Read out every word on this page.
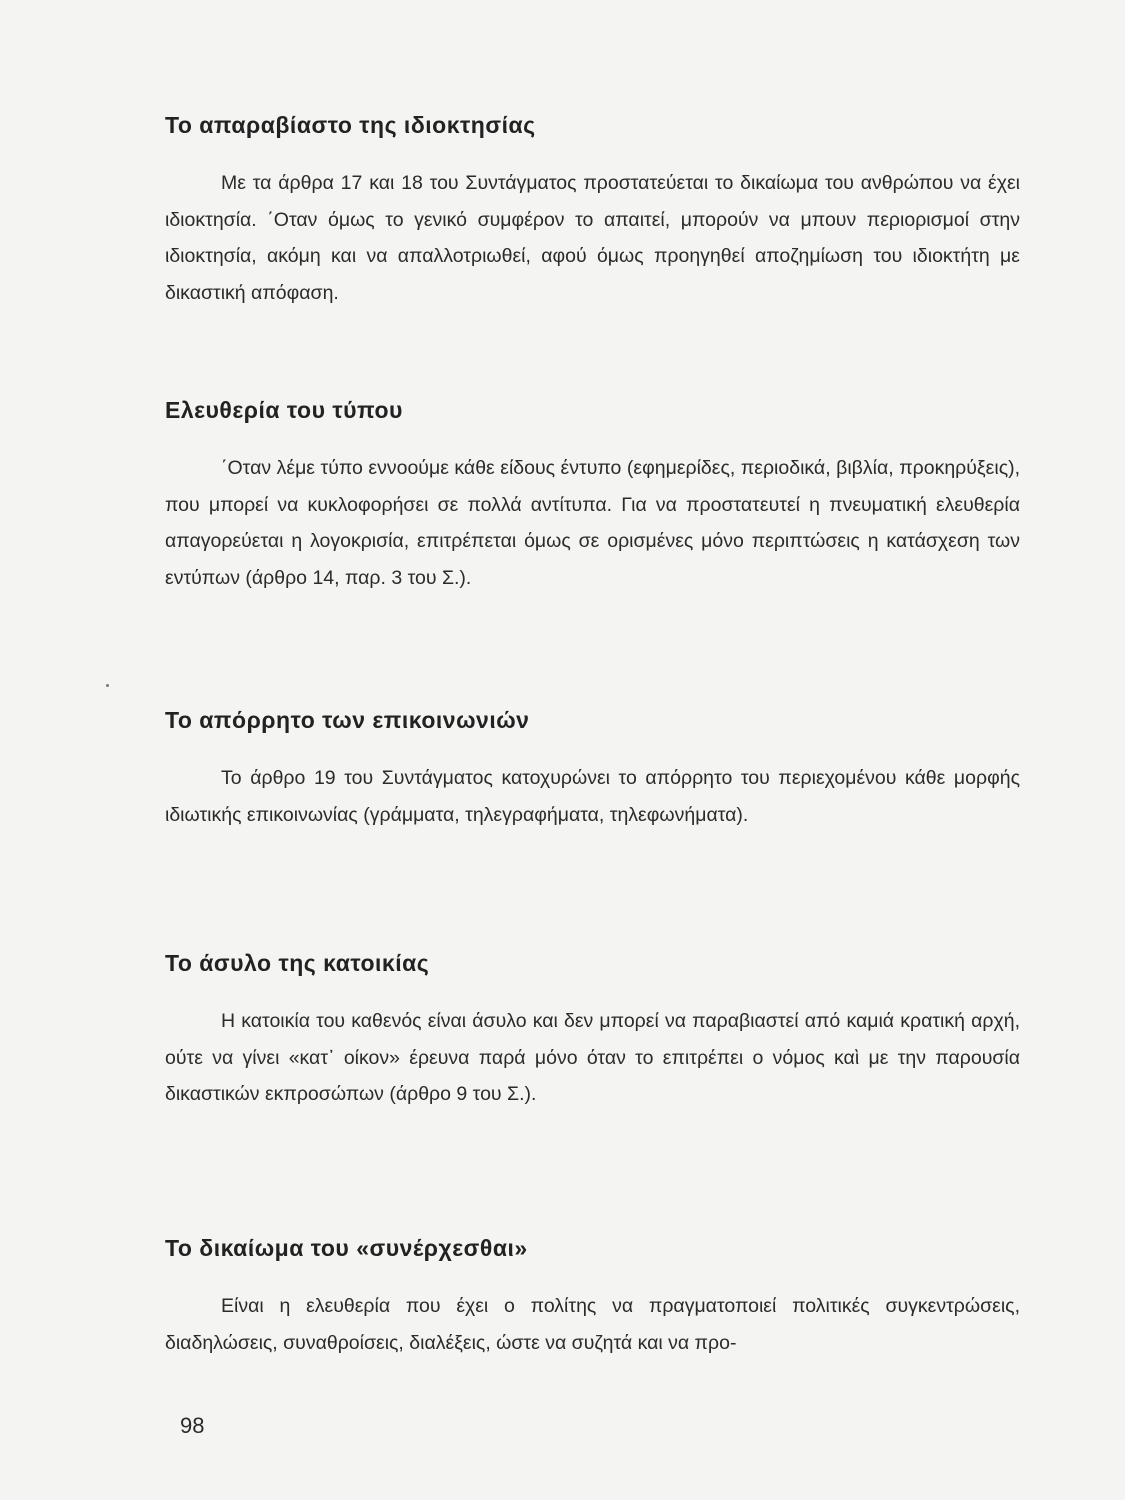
Το απαραβίαστο της ιδιοκτησίας

Με τα άρθρα 17 και 18 του Συντάγματος προστατεύεται το δικαίωμα του ανθρώπου να έχει ιδιοκτησία. ΄Οταν όμως το γενικό συμφέρον το απαιτεί, μπορούν να μπουν περιορισμοί στην ιδιοκτησία, ακόμη και να απαλλοτριωθεί, αφού όμως προηγηθεί αποζημίωση του ιδιοκτήτη με δικαστική απόφαση.

Ελευθερία του τύπου

΄Οταν λέμε τύπο εννοούμε κάθε είδους έντυπο (εφημερίδες, περιοδικά, βιβλία, προκηρύξεις), που μπορεί να κυκλοφορήσει σε πολλά αντίτυπα. Για να προστατευτεί η πνευματική ελευθερία απαγορεύεται η λογοκρισία, επιτρέπεται όμως σε ορισμένες μόνο περιπτώσεις η κατάσχεση των εντύπων (άρθρο 14, παρ. 3 του Σ.).

Το απόρρητο των επικοινωνιών

Το άρθρο 19 του Συντάγματος κατοχυρώνει το απόρρητο του περιεχομένου κάθε μορφής ιδιωτικής επικοινωνίας (γράμματα, τηλεγραφήματα, τηλεφωνήματα).

Το άσυλο της κατοικίας

Η κατοικία του καθενός είναι άσυλο και δεν μπορεί να παραβιαστεί από καμιά κρατική αρχή, ούτε να γίνει «κατ᾽ οίκον» έρευνα παρά μόνο όταν το επιτρέπει ο νόμος καὶ με την παρουσία δικαστικών εκπροσώπων (άρθρο 9 του Σ.).

Το δικαίωμα του «συνέρχεσθαι»

Είναι η ελευθερία που έχει ο πολίτης να πραγματοποιεί πολιτικές συγκεντρώσεις, διαδηλώσεις, συναθροίσεις, διαλέξεις, ώστε να συζητά και να προ-

98
